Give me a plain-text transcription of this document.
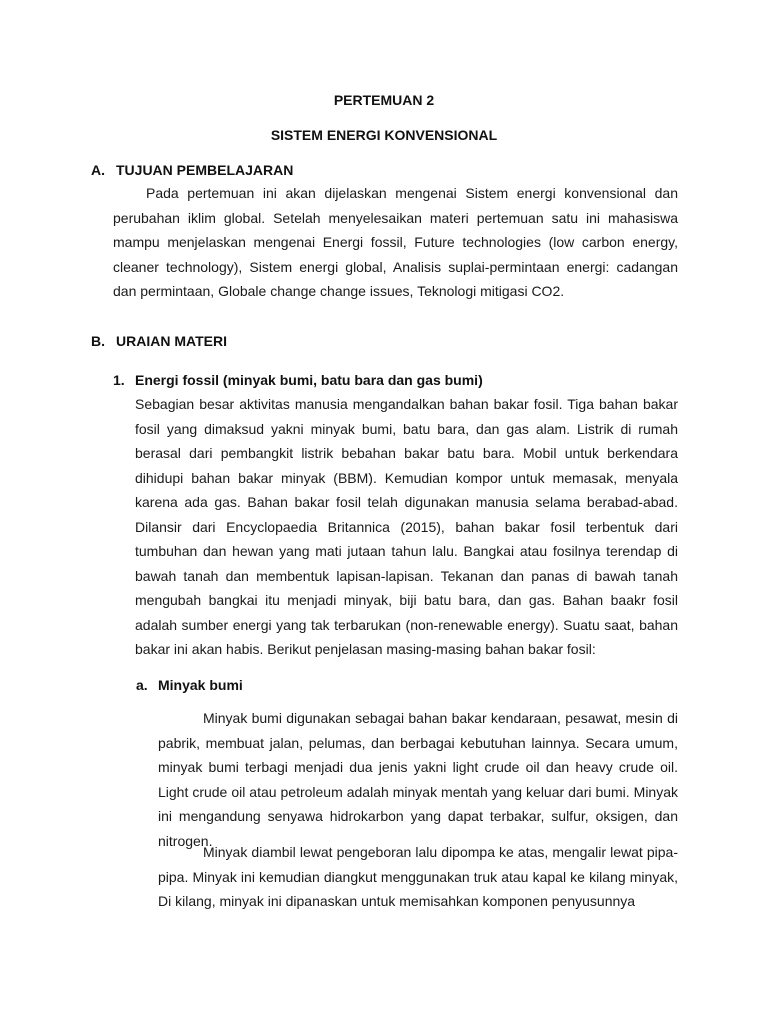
PERTEMUAN 2

SISTEM ENERGI KONVENSIONAL

A. TUJUAN PEMBELAJARAN

Pada pertemuan ini akan dijelaskan mengenai Sistem energi konvensional dan perubahan iklim global. Setelah menyelesaikan materi pertemuan satu ini mahasiswa mampu menjelaskan mengenai Energi fossil, Future technologies (low carbon energy, cleaner technology), Sistem energi global, Analisis suplai-permintaan energi: cadangan dan permintaan, Globale change change issues, Teknologi mitigasi CO2.

B. URAIAN MATERI
1. Energi fossil (minyak bumi, batu bara dan gas bumi)

Sebagian besar aktivitas manusia mengandalkan bahan bakar fosil. Tiga bahan bakar fosil yang dimaksud yakni minyak bumi, batu bara, dan gas alam. Listrik di rumah berasal dari pembangkit listrik bebahan bakar batu bara. Mobil untuk berkendara dihidupi bahan bakar minyak (BBM). Kemudian kompor untuk memasak, menyala karena ada gas. Bahan bakar fosil telah digunakan manusia selama berabad-abad. Dilansir dari Encyclopaedia Britannica (2015), bahan bakar fosil terbentuk dari tumbuhan dan hewan yang mati jutaan tahun lalu. Bangkai atau fosilnya terendap di bawah tanah dan membentuk lapisan-lapisan. Tekanan dan panas di bawah tanah mengubah bangkai itu menjadi minyak, biji batu bara, dan gas. Bahan baakr fosil adalah sumber energi yang tak terbarukan (non-renewable energy). Suatu saat, bahan bakar ini akan habis. Berikut penjelasan masing-masing bahan bakar fosil:

a. Minyak bumi

Minyak bumi digunakan sebagai bahan bakar kendaraan, pesawat, mesin di pabrik, membuat jalan, pelumas, dan berbagai kebutuhan lainnya. Secara umum, minyak bumi terbagi menjadi dua jenis yakni light crude oil dan heavy crude oil. Light crude oil atau petroleum adalah minyak mentah yang keluar dari bumi. Minyak ini mengandung senyawa hidrokarbon yang dapat terbakar, sulfur, oksigen, dan nitrogen.

Minyak diambil lewat pengeboran lalu dipompa ke atas, mengalir lewat pipa-pipa. Minyak ini kemudian diangkut menggunakan truk atau kapal ke kilang minyak, Di kilang, minyak ini dipanaskan untuk memisahkan komponen penyusunnya
